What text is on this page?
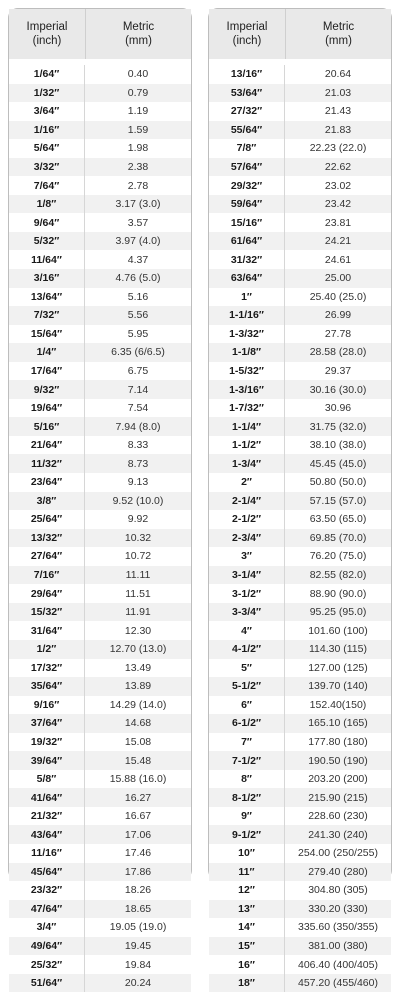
Imperial
(inch)
Metric
(mm)
1/64″	0.40
1/32″	0.79
3/64″	1.19
1/16″	1.59
5/64″	1.98
3/32″	2.38
7/64″	2.78
1/8″	3.17 (3.0)
9/64″	3.57
5/32″	3.97 (4.0)
11/64″	4.37
3/16″	4.76 (5.0)
13/64″	5.16
7/32″	5.56
15/64″	5.95
1/4″	6.35 (6/6.5)
17/64″	6.75
9/32″	7.14
19/64″	7.54
5/16″	7.94 (8.0)
21/64″	8.33
11/32″	8.73
23/64″	9.13
3/8″	9.52 (10.0)
25/64″	9.92
13/32″	10.32
27/64″	10.72
7/16″	11.11
29/64″	11.51
15/32″	11.91
31/64″	12.30
1/2″	12.70 (13.0)
17/32″	13.49
35/64″	13.89
9/16″	14.29 (14.0)
37/64″	14.68
19/32″	15.08
39/64″	15.48
5/8″	15.88 (16.0)
41/64″	16.27
21/32″	16.67
43/64″	17.06
11/16″	17.46
45/64″	17.86
23/32″	18.26
47/64″	18.65
3/4″	19.05 (19.0)
49/64″	19.45
25/32″	19.84
51/64″	20.24
Imperial
(inch)
Metric
(mm)
13/16″	20.64
53/64″	21.03
27/32″	21.43
55/64″	21.83
7/8″	22.23 (22.0)
57/64″	22.62
29/32″	23.02
59/64″	23.42
15/16″	23.81
61/64″	24.21
31/32″	24.61
63/64″	25.00
1″	25.40 (25.0)
1-1/16″	26.99
1-3/32″	27.78
1-1/8″	28.58 (28.0)
1-5/32″	29.37
1-3/16″	30.16 (30.0)
1-7/32″	30.96
1-1/4″	31.75 (32.0)
1-1/2″	38.10 (38.0)
1-3/4″	45.45 (45.0)
2″	50.80 (50.0)
2-1/4″	57.15 (57.0)
2-1/2″	63.50 (65.0)
2-3/4″	69.85 (70.0)
3″	76.20 (75.0)
3-1/4″	82.55 (82.0)
3-1/2″	88.90 (90.0)
3-3/4″	95.25 (95.0)
4″	101.60 (100)
4-1/2″	114.30 (115)
5″	127.00 (125)
5-1/2″	139.70 (140)
6″	152.40(150)
6-1/2″	165.10 (165)
7″	177.80 (180)
7-1/2″	190.50 (190)
8″	203.20 (200)
8-1/2″	215.90 (215)
9″	228.60 (230)
9-1/2″	241.30 (240)
10″	254.00 (250/255)
11″	279.40 (280)
12″	304.80 (305)
13″	330.20 (330)
14″	335.60 (350/355)
15″	381.00 (380)
16″	406.40 (400/405)
18″	457.20 (455/460)
